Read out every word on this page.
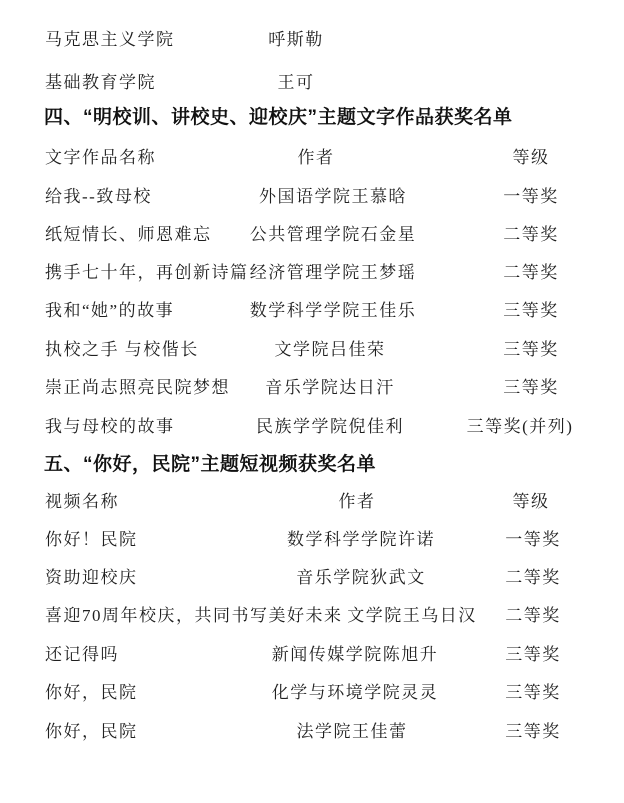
马克思主义学院	呼斯勒
基础教育学院	王可
四、“明校训、讲校史、迎校庆”主题文字作品获奖名单
文字作品名称	作者	等级
给我--致母校	外国语学院王慕晗	一等奖
纸短情长、师恩难忘 公共管理学院石金星	二等奖
携手七十年，再创新诗篇 经济管理学院王梦瑶	二等奖
我和“她”的故事	数学科学学院王佳乐	三等奖
执校之手 与校偕长	文学院吕佳荣	三等奖
崇正尚志照亮民院梦想 音乐学院达日汗	三等奖
我与母校的故事	民族学学院倪佳利	三等奖(并列)
五、“你好，民院”主题短视频获奖名单
视频名称	作者	等级
你好！民院	数学科学学院许诺	一等奖
资助迎校庆	音乐学院狄武文	二等奖
喜迎70周年校庆，共同书写美好未来 文学院王乌日汉 二等奖
还记得吗	新闻传媒学院陈旭升	三等奖
你好，民院	化学与环境学院灵灵	三等奖
你好，民院	法学院王佳蕾	三等奖
